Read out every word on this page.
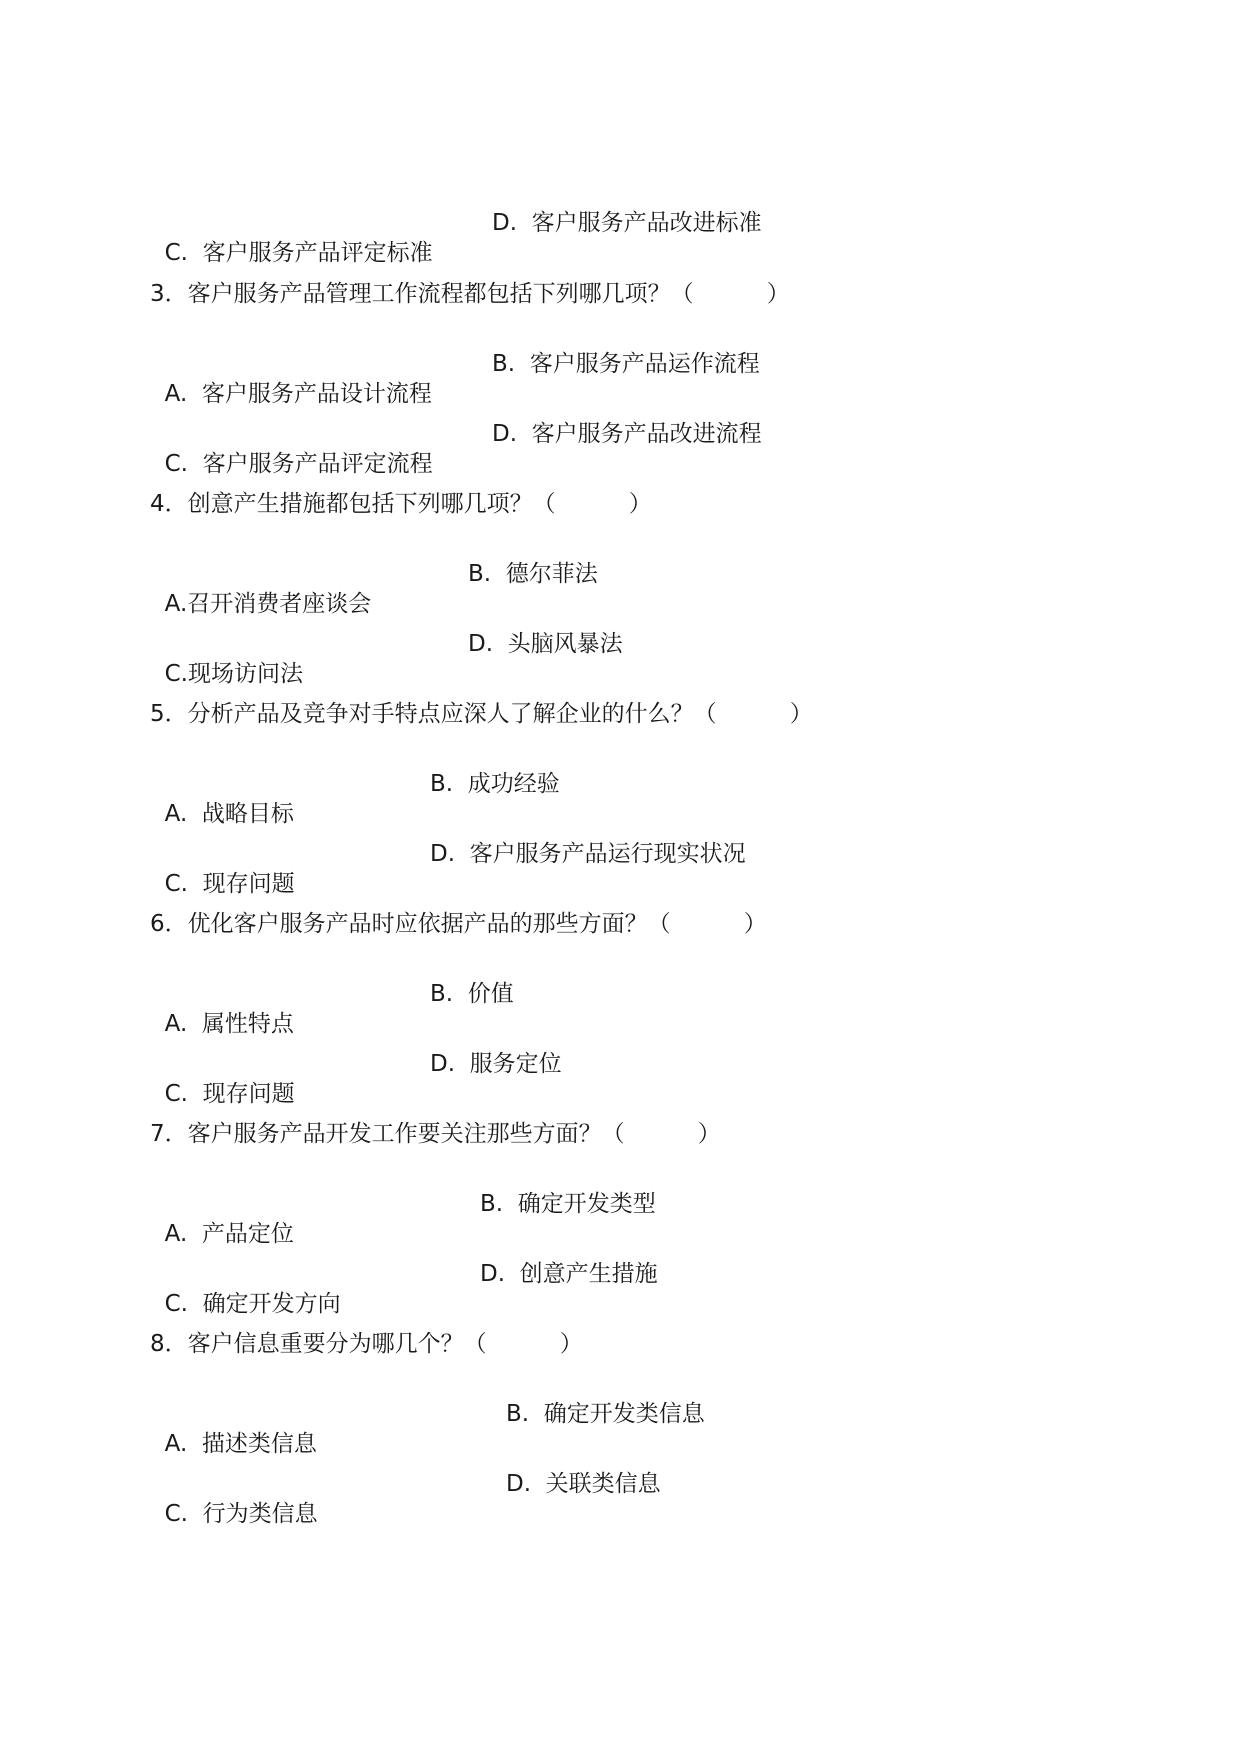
C.  客户服务产品评定标准

D.  客户服务产品改进标准

3．客户服务产品管理工作流程都包括下列哪几项？（          ）

A.  客户服务产品设计流程

B.  客户服务产品运作流程

C.  客户服务产品评定流程

D.  客户服务产品改进流程

4．创意产生措施都包括下列哪几项？（          ）

A.召开消费者座谈会

B.  德尔菲法

C.现场访问法

D.  头脑风暴法

5．分析产品及竞争对手特点应深人了解企业的什么？（          ）

A.  战略目标

B.  成功经验

C.  现存问题

D.  客户服务产品运行现实状况

6．优化客户服务产品时应依据产品的那些方面？（          ）

A.  属性特点

B.  价值

C.  现存问题

D.  服务定位

7．客户服务产品开发工作要关注那些方面？（          ）

A.  产品定位

B.  确定开发类型

C.  确定开发方向

D.  创意产生措施

8．客户信息重要分为哪几个？（          ）

A.  描述类信息

B.  确定开发类信息

C.  行为类信息

D.  关联类信息
